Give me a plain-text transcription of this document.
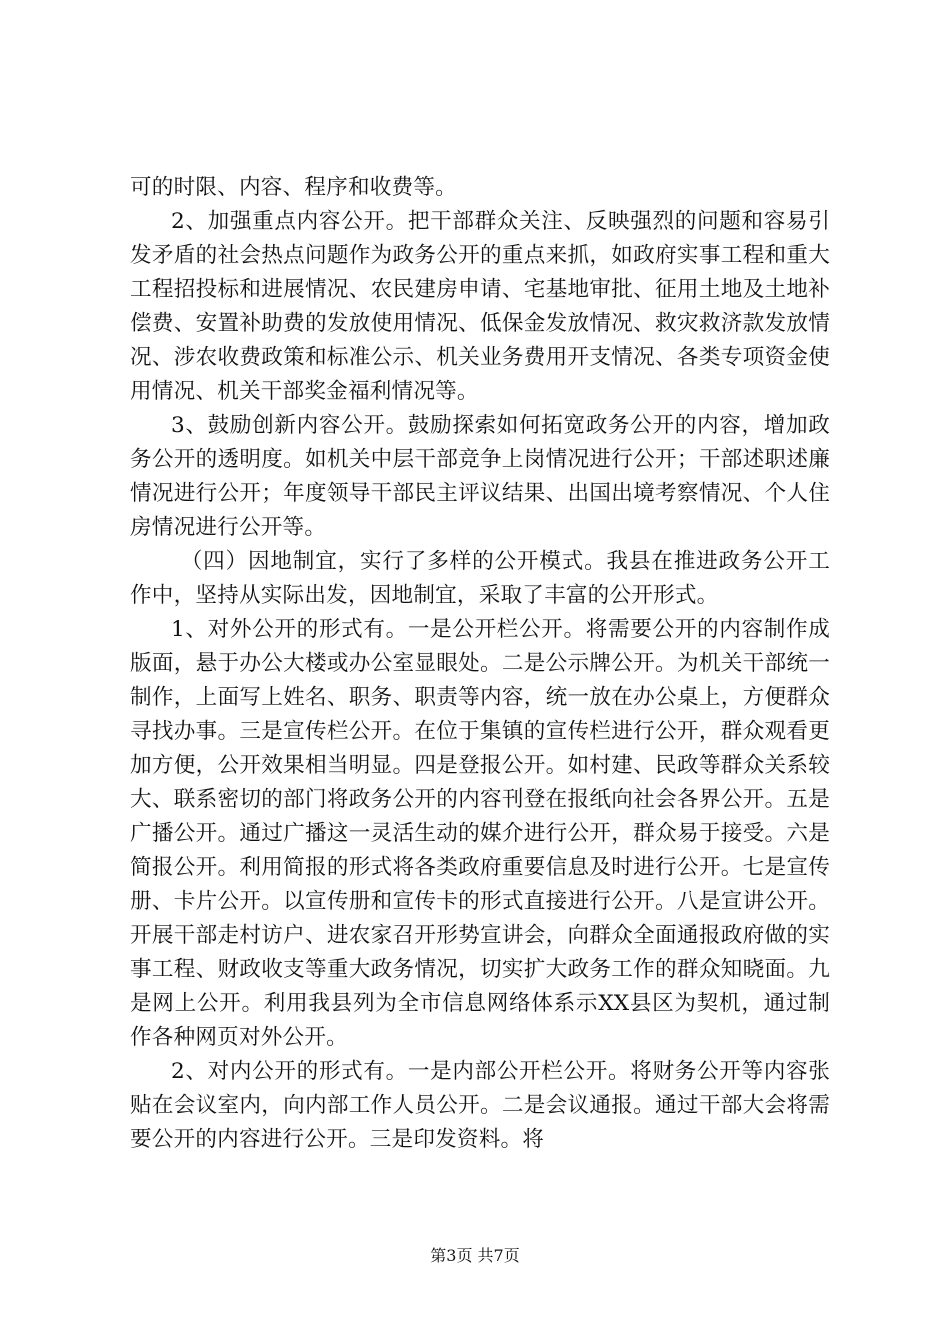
可的时限、内容、程序和收费等。

2、加强重点内容公开。把干部群众关注、反映强烈的问题和容易引发矛盾的社会热点问题作为政务公开的重点来抓，如政府实事工程和重大工程招投标和进展情况、农民建房申请、宅基地审批、征用土地及土地补偿费、安置补助费的发放使用情况、低保金发放情况、救灾救济款发放情况、涉农收费政策和标准公示、机关业务费用开支情况、各类专项资金使用情况、机关干部奖金福利情况等。

3、鼓励创新内容公开。鼓励探索如何拓宽政务公开的内容，增加政务公开的透明度。如机关中层干部竞争上岗情况进行公开；干部述职述廉情况进行公开；年度领导干部民主评议结果、出国出境考察情况、个人住房情况进行公开等。

（四）因地制宜，实行了多样的公开模式。我县在推进政务公开工作中，坚持从实际出发，因地制宜，采取了丰富的公开形式。

1、对外公开的形式有。一是公开栏公开。将需要公开的内容制作成版面，悬于办公大楼或办公室显眼处。二是公示牌公开。为机关干部统一制作，上面写上姓名、职务、职责等内容，统一放在办公桌上，方便群众寻找办事。三是宣传栏公开。在位于集镇的宣传栏进行公开，群众观看更加方便，公开效果相当明显。四是登报公开。如村建、民政等群众关系较大、联系密切的部门将政务公开的内容刊登在报纸向社会各界公开。五是广播公开。通过广播这一灵活生动的媒介进行公开，群众易于接受。六是简报公开。利用简报的形式将各类政府重要信息及时进行公开。七是宣传册、卡片公开。以宣传册和宣传卡的形式直接进行公开。八是宣讲公开。开展干部走村访户、进农家召开形势宣讲会，向群众全面通报政府做的实事工程、财政收支等重大政务情况，切实扩大政务工作的群众知晓面。九是网上公开。利用我县列为全市信息网络体系示XX县区为契机，通过制作各种网页对外公开。

2、对内公开的形式有。一是内部公开栏公开。将财务公开等内容张贴在会议室内，向内部工作人员公开。二是会议通报。通过干部大会将需要公开的内容进行公开。三是印发资料。将

第3页 共7页
